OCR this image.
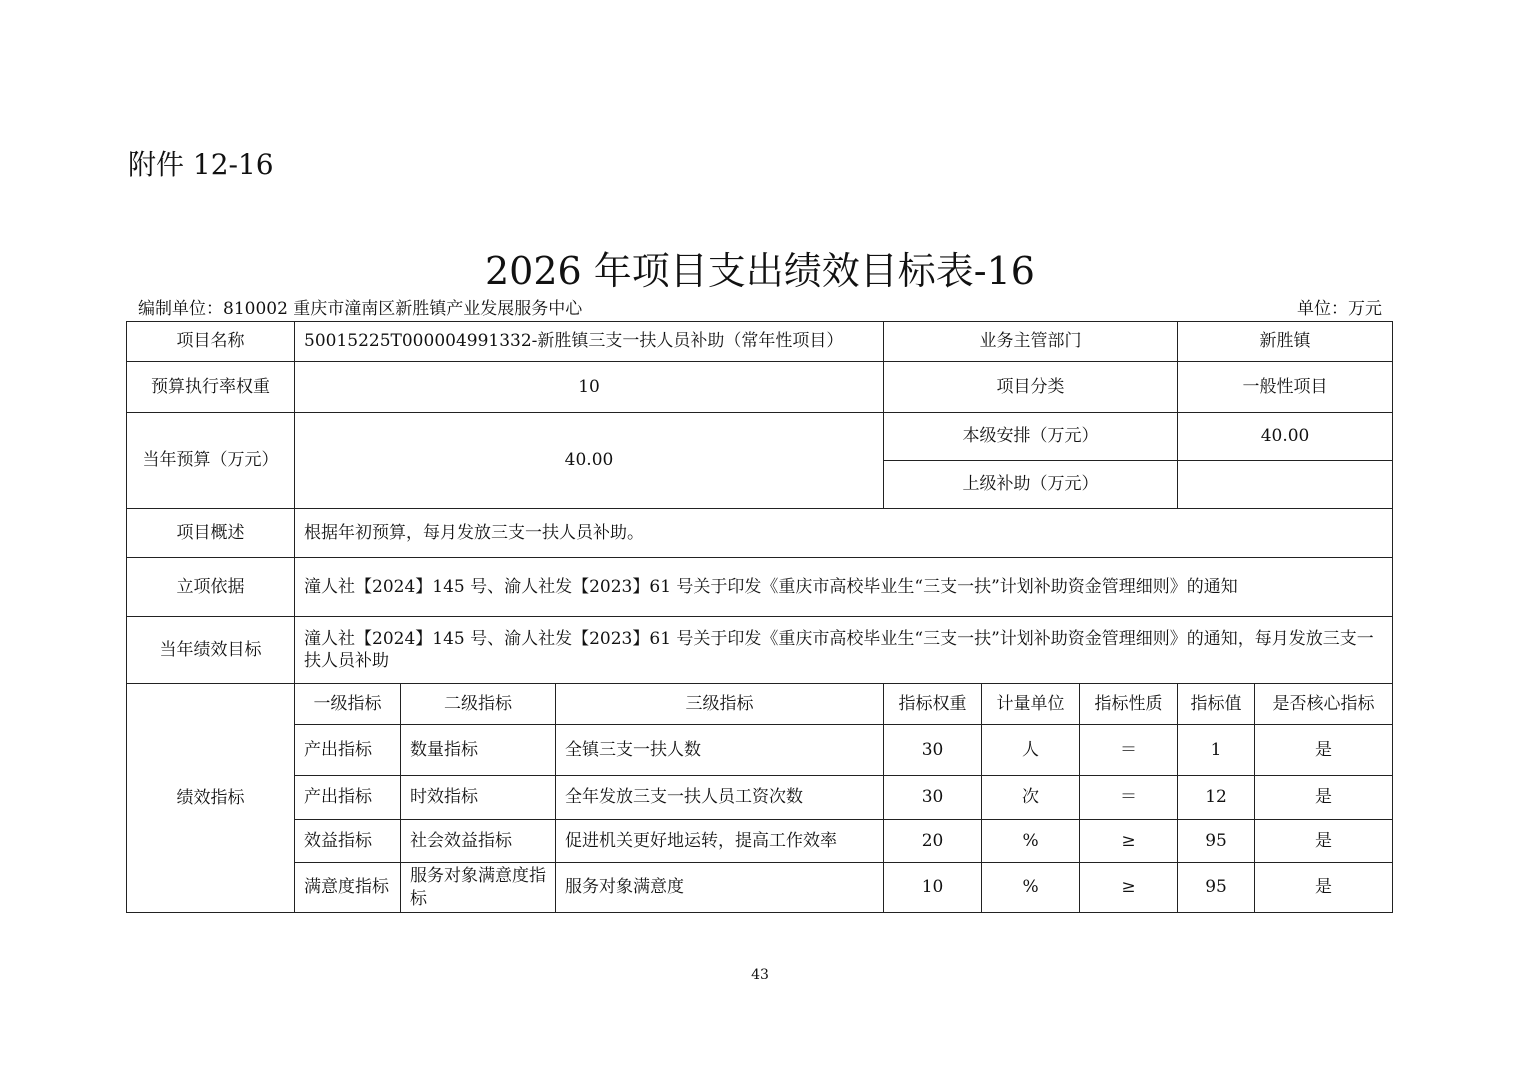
附件 12-16
2026 年项目支出绩效目标表-16
编制单位：810002 重庆市潼南区新胜镇产业发展服务中心	单位：万元
项目名称	50015225T000004991332-新胜镇三支一扶人员补助（常年性项目）			业务主管部门			新胜镇	
预算执行率权重	10			项目分类			一般性项目	
当年预算（万元）	40.00			本级安排（万元）			40.00	
				上级补助（万元）				
项目概述	根据年初预算，每月发放三支一扶人员补助。							
立项依据	潼人社【2024】145 号、渝人社发【2023】61 号关于印发《重庆市高校毕业生“三支一扶”计划补助资金管理细则》的通知							
当年绩效目标	潼人社【2024】145 号、渝人社发【2023】61 号关于印发《重庆市高校毕业生“三支一扶”计划补助资金管理细则》的通知，每月发放三支一扶人员补助							
绩效指标	一级指标	二级指标	三级指标	指标权重	计量单位	指标性质	指标值	是否核心指标
	产出指标	数量指标	全镇三支一扶人数	30	人	＝	1	是
	产出指标	时效指标	全年发放三支一扶人员工资次数	30	次	＝	12	是
	效益指标	社会效益指标	促进机关更好地运转，提高工作效率	20	%	≥	95	是
	满意度指标	服务对象满意度指标	服务对象满意度	10	%	≥	95	是
43
